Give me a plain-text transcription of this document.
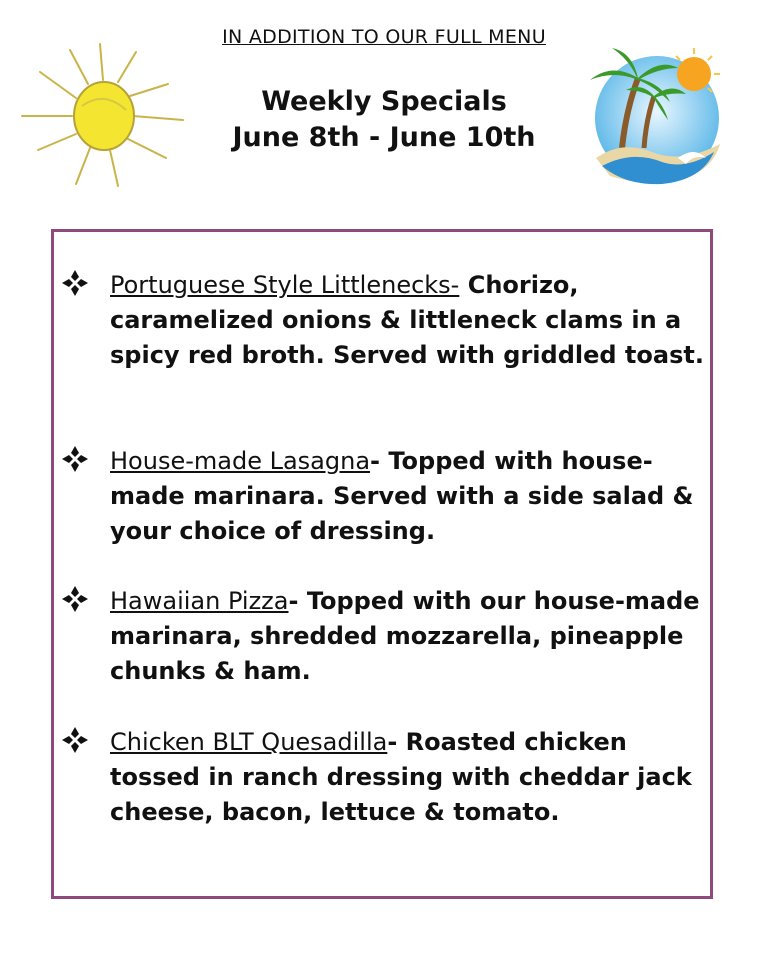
IN ADDITION TO OUR FULL MENU
Weekly Specials
June 8th - June 10th
Portuguese Style Littlenecks- Chorizo, caramelized onions & littleneck clams in a spicy red broth. Served with griddled toast.
House-made Lasagna- Topped with house-made marinara. Served with a side salad & your choice of dressing.
Hawaiian Pizza- Topped with our house-made marinara, shredded mozzarella, pineapple chunks & ham.
Chicken BLT Quesadilla- Roasted chicken tossed in ranch dressing with cheddar jack cheese, bacon, lettuce & tomato.
